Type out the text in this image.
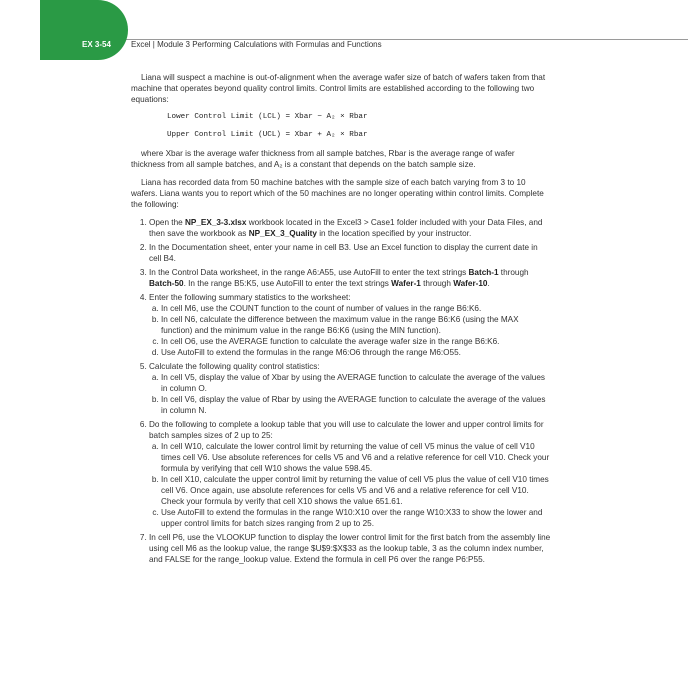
EX 3-54	Excel | Module 3 Performing Calculations with Formulas and Functions

Liana will suspect a machine is out-of-alignment when the average wafer size of batch of wafers taken from that machine that operates beyond quality control limits. Control limits are established according to the following two equations:

Lower Control Limit (LCL) = Xbar − A₂ × Rbar
Upper Control Limit (UCL) = Xbar + A₂ × Rbar

where Xbar is the average wafer thickness from all sample batches, Rbar is the average range of wafer thickness from all sample batches, and A₂ is a constant that depends on the batch sample size.

Liana has recorded data from 50 machine batches with the sample size of each batch varying from 3 to 10 wafers. Liana wants you to report which of the 50 machines are no longer operating within control limits. Complete the following:

1. Open the NP_EX_3-3.xlsx workbook located in the Excel3 > Case1 folder included with your Data Files, and then save the workbook as NP_EX_3_Quality in the location specified by your instructor.
2. In the Documentation sheet, enter your name in cell B3. Use an Excel function to display the current date in cell B4.
3. In the Control Data worksheet, in the range A6:A55, use AutoFill to enter the text strings Batch-1 through Batch-50. In the range B5:K5, use AutoFill to enter the text strings Wafer-1 through Wafer-10.
4. Enter the following summary statistics to the worksheet:
a. In cell M6, use the COUNT function to the count of number of values in the range B6:K6.
b. In cell N6, calculate the difference between the maximum value in the range B6:K6 (using the MAX function) and the minimum value in the range B6:K6 (using the MIN function).
c. In cell O6, use the AVERAGE function to calculate the average wafer size in the range B6:K6.
d. Use AutoFill to extend the formulas in the range M6:O6 through the range M6:O55.
5. Calculate the following quality control statistics:
a. In cell V5, display the value of Xbar by using the AVERAGE function to calculate the average of the values in column O.
b. In cell V6, display the value of Rbar by using the AVERAGE function to calculate the average of the values in column N.
6. Do the following to complete a lookup table that you will use to calculate the lower and upper control limits for batch samples sizes of 2 up to 25:
a. In cell W10, calculate the lower control limit by returning the value of cell V5 minus the value of cell V10 times cell V6. Use absolute references for cells V5 and V6 and a relative reference for cell V10. Check your formula by verifying that cell W10 shows the value 598.45.
b. In cell X10, calculate the upper control limit by returning the value of cell V5 plus the value of cell V10 times cell V6. Once again, use absolute references for cells V5 and V6 and a relative reference for cell V10. Check your formula by verify that cell X10 shows the value 651.61.
c. Use AutoFill to extend the formulas in the range W10:X10 over the range W10:X33 to show the lower and upper control limits for batch sizes ranging from 2 up to 25.
7. In cell P6, use the VLOOKUP function to display the lower control limit for the first batch from the assembly line using cell M6 as the lookup value, the range $U$9:$X$33 as the lookup table, 3 as the column index number, and FALSE for the range_lookup value. Extend the formula in cell P6 over the range P6:P55.
